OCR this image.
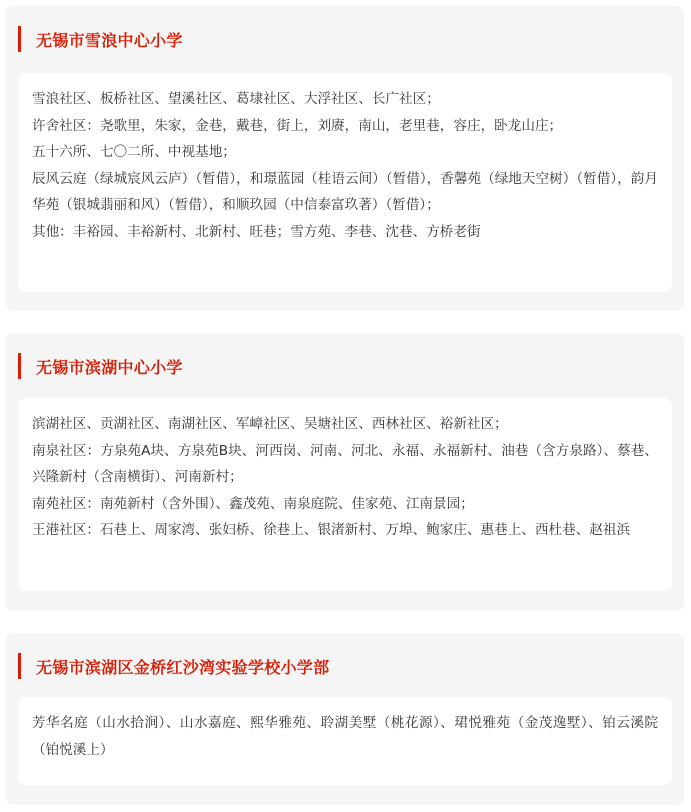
无锡市雪浪中心小学

雪浪社区、板桥社区、望溪社区、葛埭社区、大浮社区、长广社区；

许舍社区：尧歌里，朱家，金巷，戴巷，街上，刘赓，南山，老里巷，容庄，卧龙山庄；

五十六所、七〇二所、中视基地；

辰风云庭（绿城宸风云庐）（暂借），和璟蓝园（桂语云间）（暂借），香馨苑（绿地天空树）（暂借），韵月华苑（银城翡丽和风）（暂借），和顺玖园（中信泰富玖著）（暂借）；

其他：丰裕园、丰裕新村、北新村、旺巷；雪方苑、李巷、沈巷、方桥老街

无锡市滨湖中心小学

滨湖社区、贡湖社区、南湖社区、军嶂社区、吴塘社区、西林社区、裕新社区；

南泉社区：方泉苑A块、方泉苑B块、河西岗、河南、河北、永福、永福新村、油巷（含方泉路）、蔡巷、兴隆新村（含南横街）、河南新村；

南苑社区：南苑新村（含外围）、鑫茂苑、南泉庭院、佳家苑、江南景园；

王港社区：石巷上、周家湾、张妇桥、徐巷上、银渚新村、万埠、鲍家庄、惠巷上、西杜巷、赵祖浜

无锡市滨湖区金桥红沙湾实验学校小学部

芳华名庭（山水拾涧）、山水嘉庭、熙华雅苑、聆湖美墅（桃花源）、珺悦雅苑（金茂逸墅）、铂云溪院（铂悦溪上）
